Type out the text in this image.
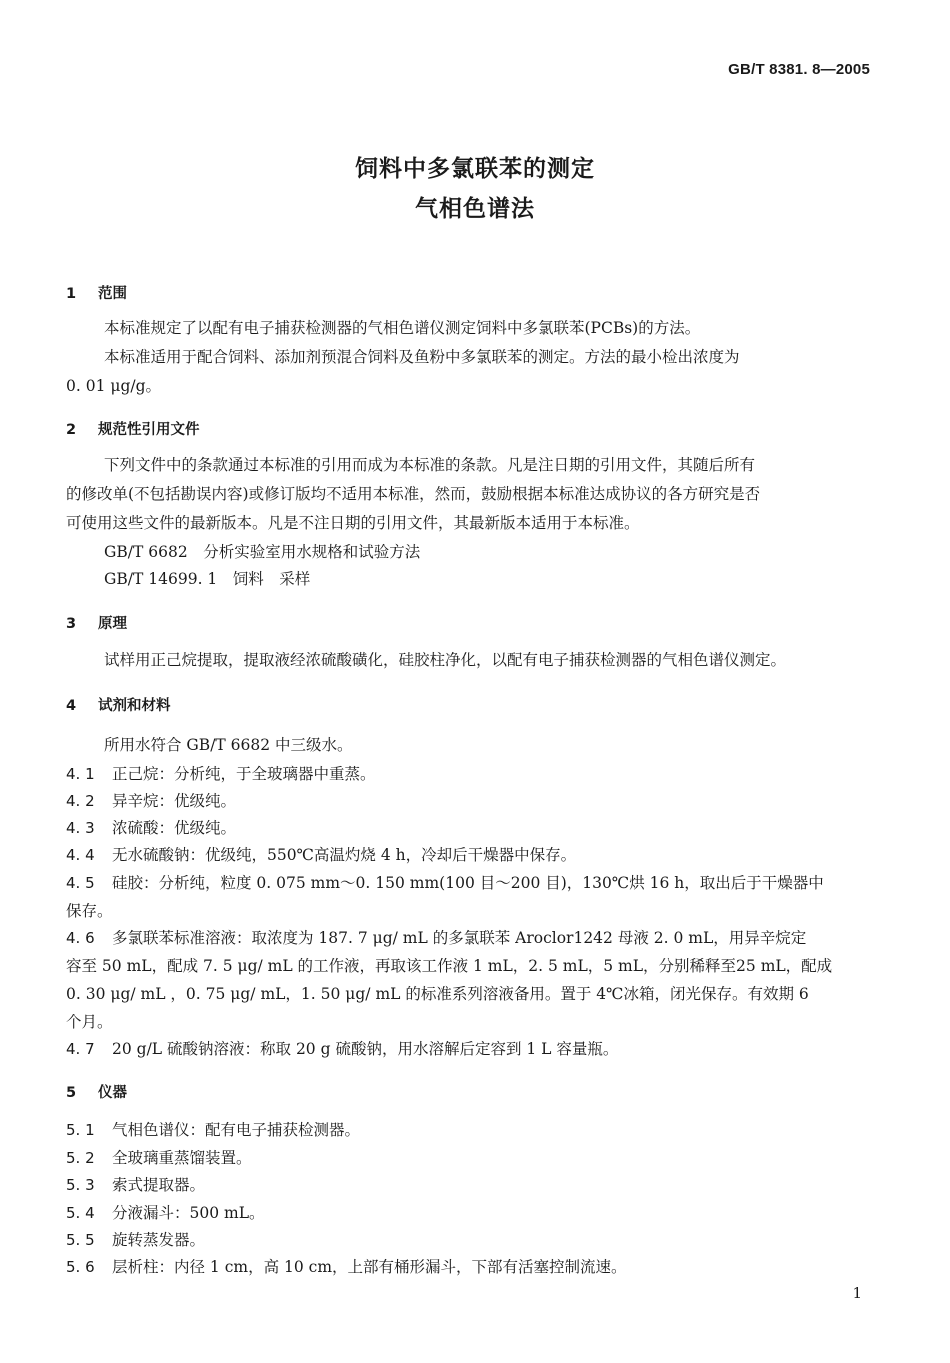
GB/T 8381. 8—2005
饲料中多氯联苯的测定
气相色谱法
1 范围
本标准规定了以配有电子捕获检测器的气相色谱仪测定饲料中多氯联苯(PCBs)的方法。
本标准适用于配合饲料、添加剂预混合饲料及鱼粉中多氯联苯的测定。方法的最小检出浓度为
0. 01 μg/g。
2 规范性引用文件
下列文件中的条款通过本标准的引用而成为本标准的条款。凡是注日期的引用文件，其随后所有
的修改单(不包括勘误内容)或修订版均不适用本标准，然而，鼓励根据本标准达成协议的各方研究是否
可使用这些文件的最新版本。凡是不注日期的引用文件，其最新版本适用于本标准。
GB/T 6682　分析实验室用水规格和试验方法
GB/T 14699. 1　饲料　采样
3 原理
试样用正己烷提取，提取液经浓硫酸磺化，硅胶柱净化，以配有电子捕获检测器的气相色谱仪测定。
4 试剂和材料
所用水符合 GB/T 6682 中三级水。
4. 1 正己烷：分析纯，于全玻璃器中重蒸。
4. 2 异辛烷：优级纯。
4. 3 浓硫酸：优级纯。
4. 4 无水硫酸钠：优级纯，550℃高温灼烧 4 h，冷却后干燥器中保存。
4. 5 硅胶：分析纯，粒度 0. 075 mm～0. 150 mm(100 目～200 目)，130℃烘 16 h，取出后于干燥器中
保存。
4. 6 多氯联苯标准溶液：取浓度为 187. 7 μg/ mL 的多氯联苯 Aroclor1242 母液 2. 0 mL，用异辛烷定
容至 50 mL，配成 7. 5 μg/ mL 的工作液，再取该工作液 1 mL，2. 5 mL，5 mL，分别稀释至25 mL，配成
0. 30 μg/ mL ，0. 75 μg/ mL，1. 50 μg/ mL 的标准系列溶液备用。置于 4℃冰箱，闭光保存。有效期 6
个月。
4. 7 20 g/L 硫酸钠溶液：称取 20 g 硫酸钠，用水溶解后定容到 1 L 容量瓶。
5 仪器
5. 1 气相色谱仪：配有电子捕获检测器。
5. 2 全玻璃重蒸馏装置。
5. 3 索式提取器。
5. 4 分液漏斗：500 mL。
5. 5 旋转蒸发器。
5. 6 层析柱：内径 1 cm，高 10 cm，上部有桶形漏斗，下部有活塞控制流速。
1
